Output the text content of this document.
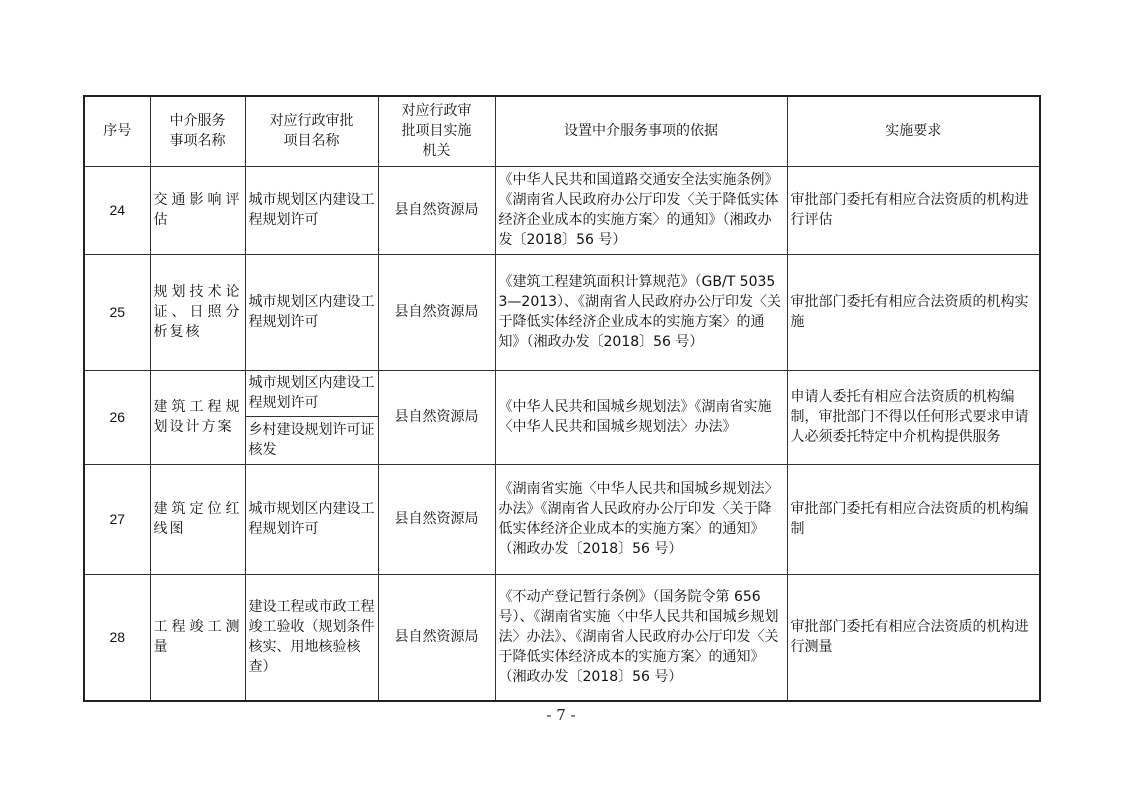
序号	中介服务事项名称	对应行政审批项目名称	对应行政审批项目实施机关	设置中介服务事项的依据	实施要求
24	交通影响评估	城市规划区内建设工程规划许可	县自然资源局	《中华人民共和国道路交通安全法实施条例》《湖南省人民政府办公厅印发〈关于降低实体经济企业成本的实施方案〉的通知》（湘政办发〔2018〕56 号）	审批部门委托有相应合法资质的机构进行评估
25	规划技术论证、日照分析复核	城市规划区内建设工程规划许可	县自然资源局	《建筑工程建筑面积计算规范》（GB/T 50353—2013）、《湖南省人民政府办公厅印发〈关于降低实体经济企业成本的实施方案〉的通知》（湘政办发〔2018〕56 号）	审批部门委托有相应合法资质的机构实施
26	建筑工程规划设计方案	城市规划区内建设工程规划许可	县自然资源局	《中华人民共和国城乡规划法》《湖南省实施〈中华人民共和国城乡规划法〉办法》	申请人委托有相应合法资质的机构编制，审批部门不得以任何形式要求申请人必须委托特定中介机构提供服务
		乡村建设规划许可证核发			
27	建筑定位红线图	城市规划区内建设工程规划许可	县自然资源局	《湖南省实施〈中华人民共和国城乡规划法〉办法》《湖南省人民政府办公厅印发〈关于降低实体经济企业成本的实施方案〉的通知》（湘政办发〔2018〕56 号）	审批部门委托有相应合法资质的机构编制
28	工程竣工测量	建设工程或市政工程竣工验收（规划条件核实、用地核验核查）	县自然资源局	《不动产登记暂行条例》（国务院令第 656 号）、《湖南省实施〈中华人民共和国城乡规划法〉办法》、《湖南省人民政府办公厅印发〈关于降低实体经济成本的实施方案〉的通知》（湘政办发〔2018〕56 号）	审批部门委托有相应合法资质的机构进行测量
- 7 -
